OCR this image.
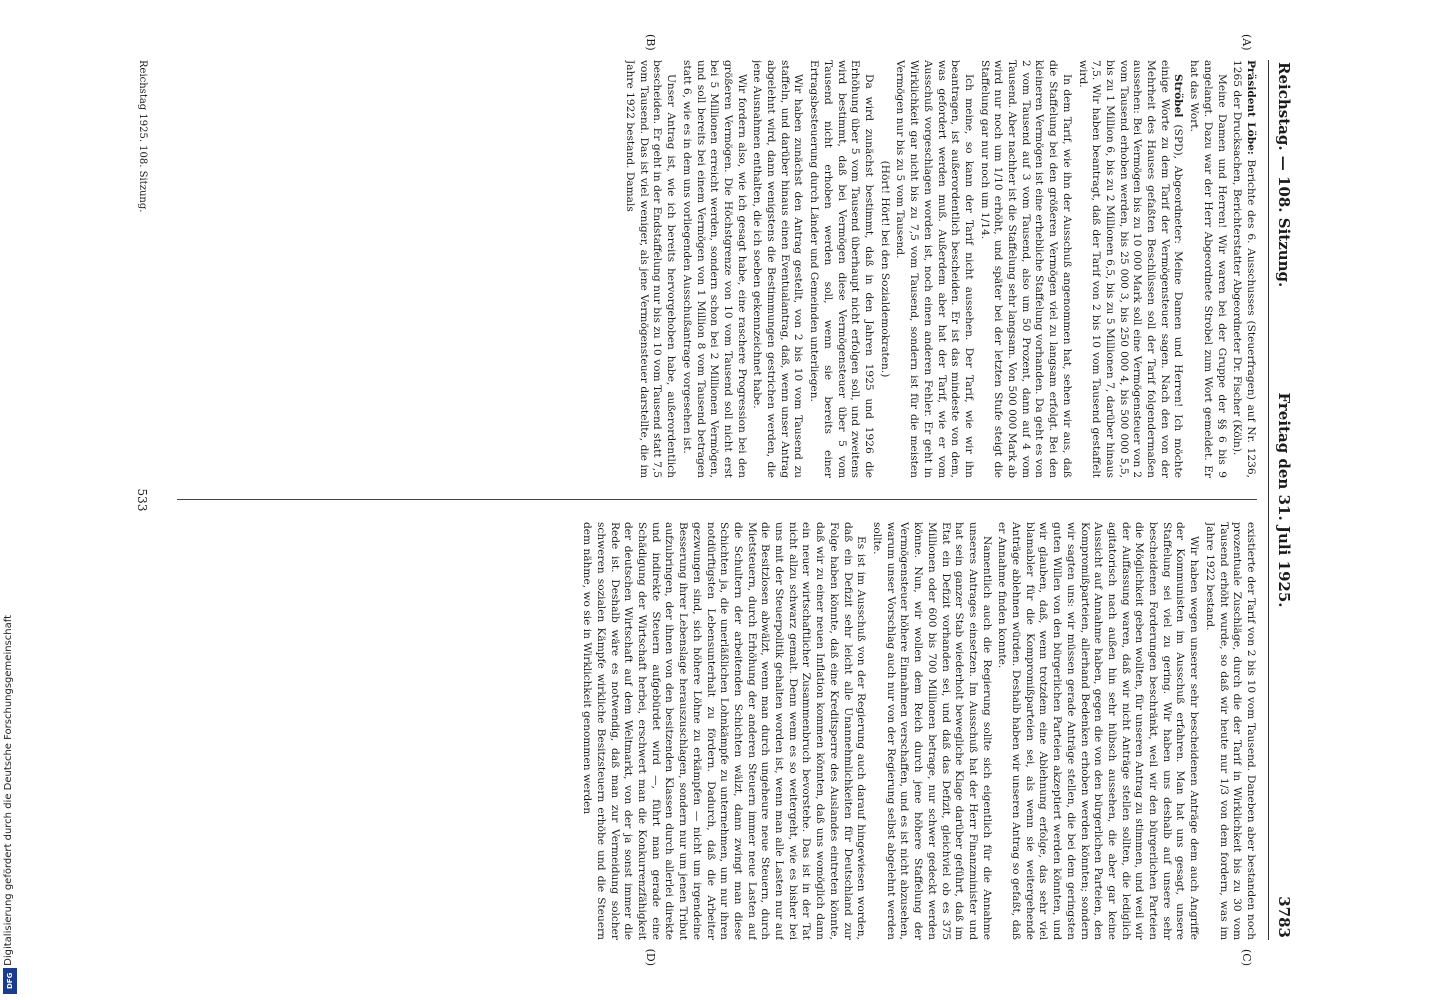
DFG
Digitalisierung gefördert durch die Deutsche Forschungsgemeinschaft
Reichstag. — 108. Sitzung.
Freitag den 31. Juli 1925.
3783
(A)
(B)
(C)
(D)

Präsident Löbe: Berichte des 6. Ausschusses (Steuerfragen) auf Nr. 1236, 1265 der Drucksachen, Berichterstatter Abgeordneter Dr. Fischer (Köln).

Meine Damen und Herren! Wir waren bei der Gruppe der §§ 6 bis 9 angelangt. Dazu war der Herr Abgeordnete Strobel zum Wort gemeldet. Er hat das Wort.

Ströbel (SPD), Abgeordneter: Meine Damen und Herren! Ich möchte einige Worte zu dem Tarif der Vermögensteuer sagen. Nach den von der Mehrheit des Hauses gefaßten Beschlüssen soll der Tarif folgendermaßen aussehen: Bei Vermögen bis zu 10 000 Mark soll eine Vermögensteuer von 2 vom Tausend erhoben werden, bis 25 000 3, bis 250 000 4, bis 500 000 5,5, bis zu 1 Million 6, bis zu 2 Millionen 6,5, bis zu 5 Millionen 7, darüber hinaus 7,5. Wir haben beantragt, daß der Tarif von 2 bis 10 vom Tausend gestaffelt wird.

In dem Tarif, wie ihn der Ausschuß angenommen hat, sehen wir aus, daß die Staffelung bei den größeren Vermögen viel zu langsam erfolgt. Bei den kleineren Vermögen ist eine erhebliche Staffelung vorhanden. Da geht es von 2 vom Tausend auf 3 vom Tausend, also um 50 Prozent, dann auf 4 vom Tausend. Aber nachher ist die Staffelung sehr langsam. Von 500 000 Mark ab wird nur noch um 1/10 erhöht, und später bei der letzten Stufe steigt die Staffelung gar nur noch um 1/14.

Ich meine, so kann der Tarif nicht aussehen. Der Tarif, wie wir ihn beantragen, ist außerordentlich bescheiden. Er ist das mindeste von dem, was gefordert werden muß. Außerdem aber hat der Tarif, wie er vom Ausschuß vorgeschlagen worden ist, noch einen anderen Fehler. Er geht in Wirklichkeit gar nicht bis zu 7,5 vom Tausend, sondern ist für die meisten Vermögen nur bis zu 5 vom Tausend.

(Hört! Hört! bei den Sozialdemokraten.)

Da wird zunächst bestimmt, daß in den Jahren 1925 und 1926 die Erhöhung über 5 vom Tausend überhaupt nicht erfolgen soll, und zweitens wird bestimmt, daß bei Vermögen diese Vermögensteuer über 5 vom Tausend nicht erhoben werden soll, wenn sie bereits einer Ertragsbesteuerung durch Länder und Gemeinden unterliegen.

Wir haben zunächst den Antrag gestellt, von 2 bis 10 vom Tausend zu staffeln, und darüber hinaus einen Eventualantrag, daß, wenn unser Antrag abgelehnt wird, dann wenigstens die Bestimmungen gestrichen werden, die jene Ausnahmen enthalten, die ich soeben gekennzeichnet habe.

Wir fordern also, wie ich gesagt habe, eine raschere Progression bei den größeren Vermögen. Die Höchstgrenze von 10 vom Tausend soll nicht erst bei 5 Millionen erreicht werden, sondern schon bei 2 Millionen Vermögen, und soll bereits bei einem Vermögen von 1 Million 8 vom Tausend betragen statt 6, wie es in dem uns vorliegenden Ausschußantrage vorgesehen ist.

Unser Antrag ist, wie ich bereits hervorgehoben habe, außerordentlich bescheiden. Er geht in der Endstaffelung nur bis zu 10 vom Tausend statt 7,5 vom Tausend. Das ist viel weniger, als jene Vermögensteuer darstellte, die im Jahre 1922 bestand. Damals

existierte der Tarif von 2 bis 10 vom Tausend. Daneben aber bestanden noch prozentuale Zuschläge, durch die der Tarif in Wirklichkeit bis zu 30 vom Tausend erhöht wurde, so daß wir heute nur 1/3 von dem fordern, was im Jahre 1922 bestand.

Wir haben wegen unserer sehr bescheidenen Anträge dem auch Angriffe der Kommunisten im Ausschuß erfahren. Man hat uns gesagt, unsere Staffelung sei viel zu gering. Wir haben uns deshalb auf unsere sehr bescheidenen Forderungen beschränkt, weil wir den bürgerlichen Parteien die Möglichkeit geben wollten, für unseren Antrag zu stimmen, und weil wir der Auffassung waren, daß wir nicht Anträge stellen sollten, die lediglich agitatorisch nach außen hin sehr hübsch aussehen, die aber gar keine Aussicht auf Annahme haben, gegen die von den bürgerlichen Parteien, den Kompromißparteien, allerhand Bedenken erhoben werden könnten; sondern wir sagten uns: wir müssen gerade Anträge stellen, die bei dem geringsten guten Willen von den bürgerlichen Parteien akzeptiert werden könnten, und wir glauben, daß, wenn trotzdem eine Ablehnung erfolge, das sehr viel blamabler für die Kompromißparteien sei, als wenn sie weitergehende Anträge ablehnen würden. Deshalb haben wir unseren Antrag so gefaßt, daß er Annahme finden konnte.

Namentlich auch die Regierung sollte sich eigentlich für die Annahme unseres Antrages einsetzen. Im Ausschuß hat der Herr Finanzminister und hat sein ganzer Stab wiederholt bewegliche Klage darüber geführt, daß im Etat ein Defizit vorhanden sei, und daß das Defizit, gleichviel ob es 375 Millionen oder 600 bis 700 Millionen betrage, nur schwer gedeckt werden könne. Nun, wir wollen dem Reich durch jene höhere Staffelung der Vermögensteuer höhere Einnahmen verschaffen, und es ist nicht abzusehen, warum unser Vorschlag auch nur von der Regierung selbst abgelehnt werden sollte.

Es ist im Ausschuß von der Regierung auch darauf hingewiesen worden, daß ein Defizit sehr leicht alle Unannehmlichkeiten für Deutschland zur Folge haben könnte, daß eine Kreditsperre des Auslandes eintreten könnte, daß wir zu einer neuen Inflation kommen könnten, daß uns womöglich dann ein neuer wirtschaftlicher Zusammenbruch bevorstehe. Das ist in der Tat nicht allzu schwarz gemalt. Denn wenn es so weitergeht, wie es bisher bei uns mit der Steuerpolitik gehalten worden ist, wenn man alle Lasten nur auf die Besitzlosen abwälzt, wenn man durch ungeheure neue Steuern, durch Mietsteuern, durch Erhöhung der anderen Steuern immer neue Lasten auf die Schultern der arbeitenden Schichten wälzt, dann zwingt man diese Schichten ja, die unerläßlichen Lohnkämpfe zu unternehmen, um nur ihren notdürftigsten Lebensunterhalt zu fördern. Dadurch, daß die Arbeiter gezwungen sind, sich höhere Löhne zu erkämpfen — nicht um irgendeine Besserung ihrer Lebenslage herauszuschlagen, sondern nur um jenen Tribut aufzubringen, der ihnen von den besitzenden Klassen durch allerlei direkte und indirekte Steuern aufgebürdet wird —, führt man gerade eine Schädigung der Wirtschaft herbei, erschwert man die Konkurrenzfähigkeit der deutschen Wirtschaft auf dem Weltmarkt, von der ja sonst immer die Rede ist. Deshalb wäre es notwendig, daß man zur Vermeidung solcher schweren sozialen Kämpfe wirkliche Besitzsteuern erhöhe und die Steuern dem nähme, wo sie in Wirklichkeit genommen werden

Reichstag 1925. 108. Sitzung.
533
